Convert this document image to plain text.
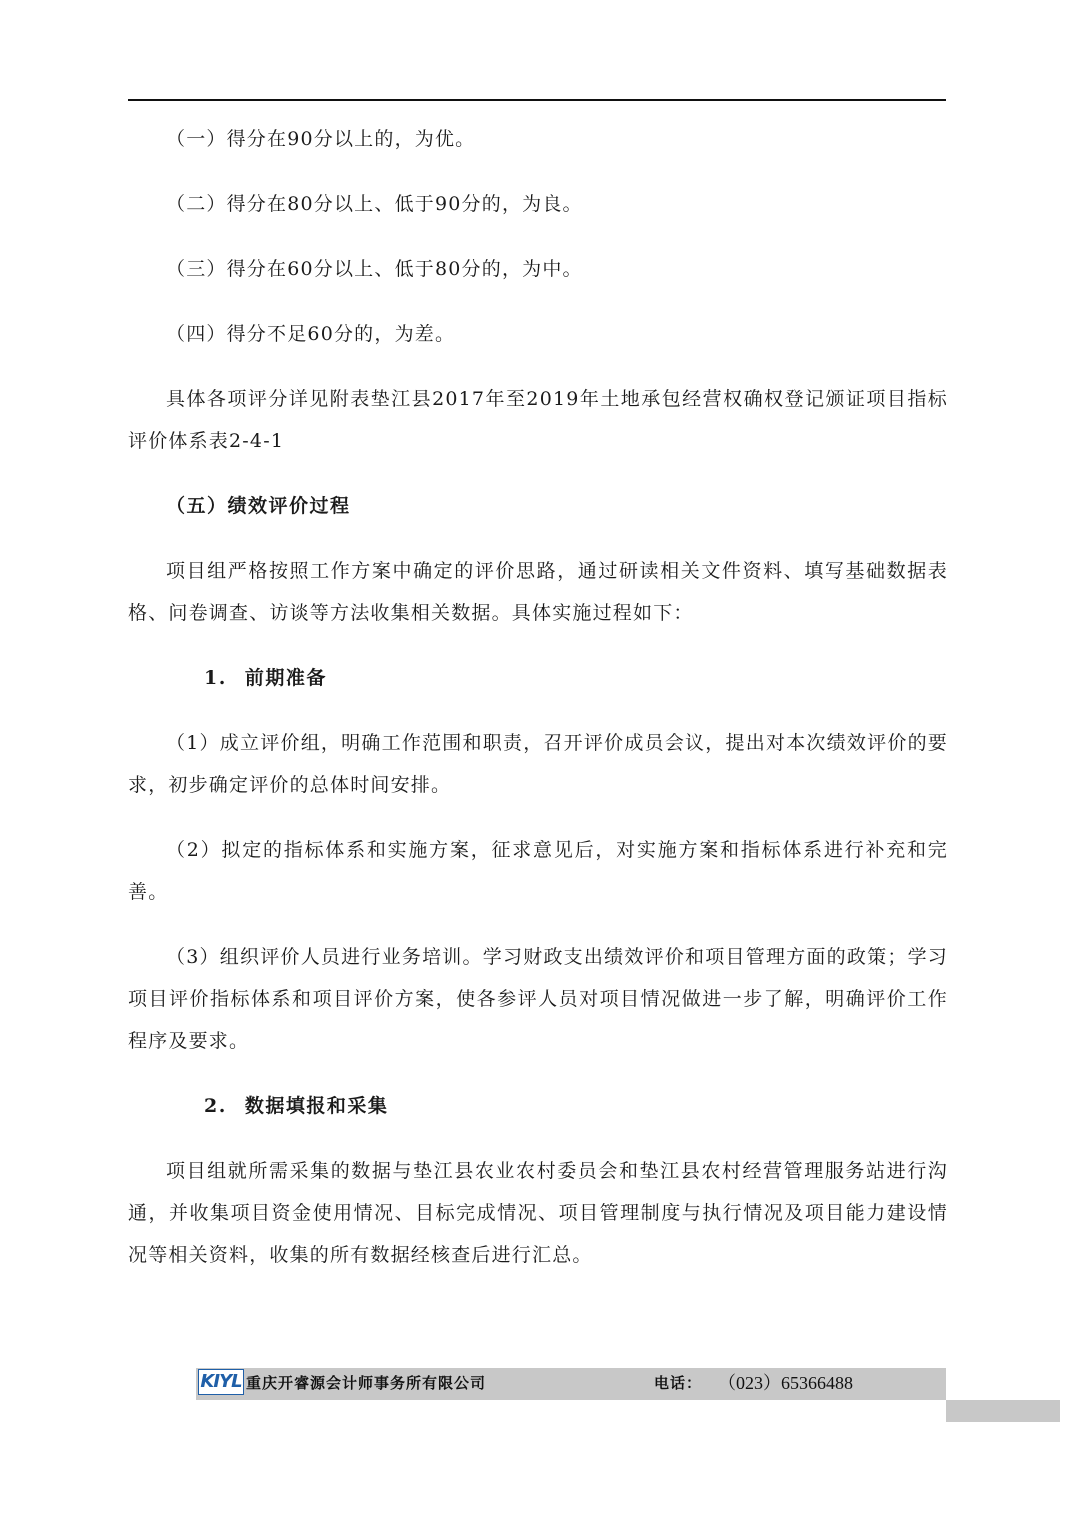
（一）得分在90分以上的，为优。

（二）得分在80分以上、低于90分的，为良。

（三）得分在60分以上、低于80分的，为中。

（四）得分不足60分的，为差。

具体各项评分详见附表垫江县2017年至2019年土地承包经营权确权登记颁证项目指标评价体系表2-4-1

（五）绩效评价过程

项目组严格按照工作方案中确定的评价思路，通过研读相关文件资料、填写基础数据表格、问卷调查、访谈等方法收集相关数据。具体实施过程如下：

1. 前期准备

（1）成立评价组，明确工作范围和职责，召开评价成员会议，提出对本次绩效评价的要求，初步确定评价的总体时间安排。

（2）拟定的指标体系和实施方案，征求意见后，对实施方案和指标体系进行补充和完善。

（3）组织评价人员进行业务培训。学习财政支出绩效评价和项目管理方面的政策；学习项目评价指标体系和项目评价方案，使各参评人员对项目情况做进一步了解，明确评价工作程序及要求。

2. 数据填报和采集

项目组就所需采集的数据与垫江县农业农村委员会和垫江县农村经营管理服务站进行沟通，并收集项目资金使用情况、目标完成情况、项目管理制度与执行情况及项目能力建设情况等相关资料，收集的所有数据经核查后进行汇总。

KIYL 重庆开睿源会计师事务所有限公司	电话： （023）65366488
